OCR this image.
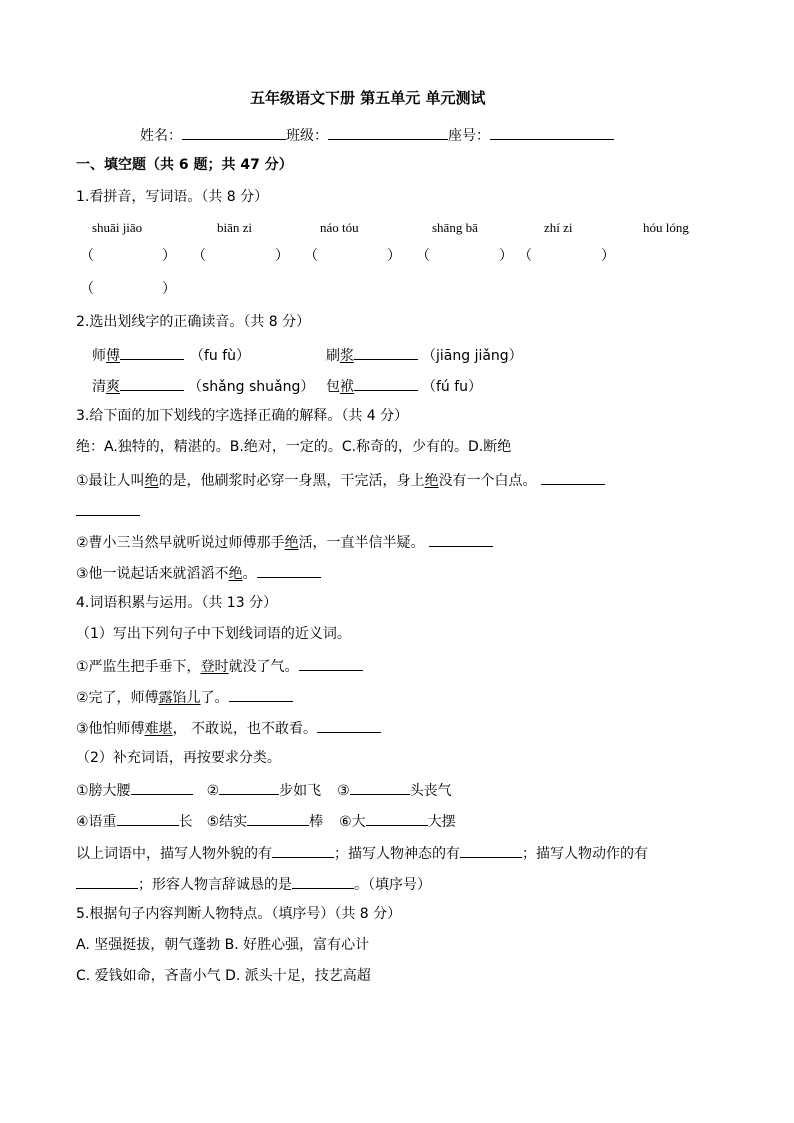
五年级语文下册 第五单元 单元测试
姓名：	班级：	座号：
一、填空题（共 6 题；共 47 分）
1.看拼音，写词语。（共 8 分）
shuāi jiāo	biān zi	náo tóu	shāng bā	zhí zi	hóu lóng
（	） （	） （	） （	） （	）
（	）
2.选出划线字的正确读音。（共 8 分）
师傅	（fu fù）	刷浆	（jiāng jiǎng）
清爽	（shǎng shuǎng） 包袱	（fú fu）
3.给下面的加下划线的字选择正确的解释。（共 4 分）
绝：A.独特的，精湛的。B.绝对，一定的。C.称奇的，少有的。D.断绝
①最让人叫绝的是，他刷浆时必穿一身黑，干完活，身上绝没有一个白点。
②曹小三当然早就听说过师傅那手绝活，一直半信半疑。
③他一说起话来就滔滔不绝。
4.词语积累与运用。（共 13 分）
（1）写出下列句子中下划线词语的近义词。
①严监生把手垂下，登时就没了气。
②完了，师傅露馅儿了。
③他怕师傅难堪， 不敢说，也不敢看。
（2）补充词语，再按要求分类。
①膀大腰	②	步如飞 ③	头丧气
④语重	长 ⑤结实	棒 ⑥大	大摆
以上词语中，描写人物外貌的有	；描写人物神态的有	；描写人物动作的有
；形容人物言辞诚恳的是	。（填序号）
5.根据句子内容判断人物特点。（填序号）（共 8 分）
A. 坚强挺拔，朝气蓬勃 B. 好胜心强，富有心计
C. 爱钱如命，吝啬小气 D. 派头十足，技艺高超
